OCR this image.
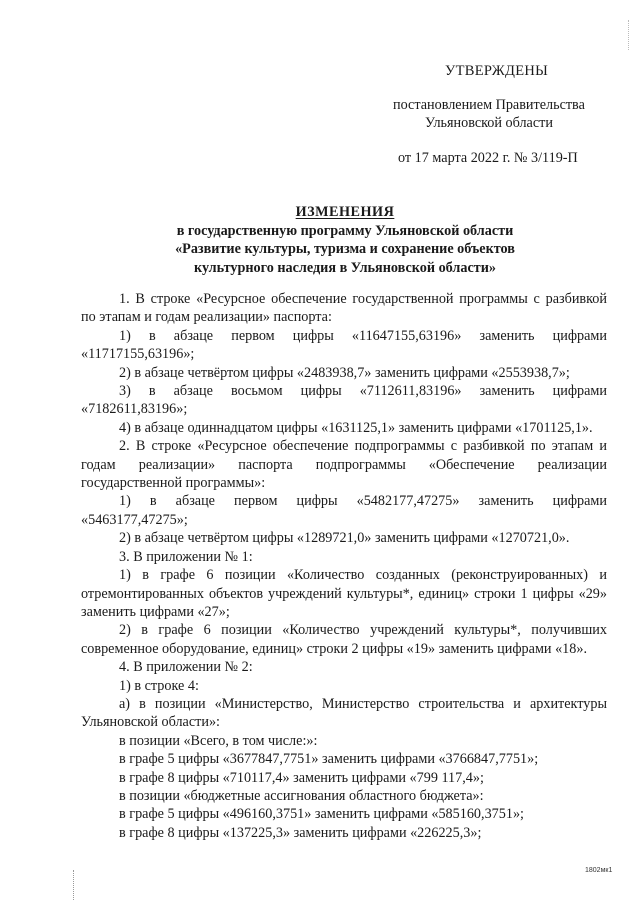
УТВЕРЖДЕНЫ
постановлением Правительства
Ульяновской области
от 17 марта 2022 г. № 3/119-П
ИЗМЕНЕНИЯ
в государственную программу Ульяновской области
«Развитие культуры, туризма и сохранение объектов
культурного наследия в Ульяновской области»

1. В строке «Ресурсное обеспечение государственной программы с разбивкой по этапам и годам реализации» паспорта:

1) в абзаце первом цифры «11647155,63196» заменить цифрами «11717155,63196»;

2) в абзаце четвёртом цифры «2483938,7» заменить цифрами «2553938,7»;

3) в абзаце восьмом цифры «7112611,83196» заменить цифрами «7182611,83196»;

4) в абзаце одиннадцатом цифры «1631125,1» заменить цифрами «1701125,1».

2. В строке «Ресурсное обеспечение подпрограммы с разбивкой по этапам и годам реализации» паспорта подпрограммы «Обеспечение реализации государственной программы»:

1) в абзаце первом цифры «5482177,47275» заменить цифрами «5463177,47275»;

2) в абзаце четвёртом цифры «1289721,0» заменить цифрами «1270721,0».

3. В приложении № 1:

1) в графе 6 позиции «Количество созданных (реконструированных) и отремонтированных объектов учреждений культуры*, единиц» строки 1 цифры «29» заменить цифрами «27»;

2) в графе 6 позиции «Количество учреждений культуры*, получивших современное оборудование, единиц» строки 2 цифры «19» заменить цифрами «18».

4. В приложении № 2:

1) в строке 4:

а) в позиции «Министерство, Министерство строительства и архитектуры Ульяновской области»:

в позиции «Всего, в том числе:»:

в графе 5 цифры «3677847,7751» заменить цифрами «3766847,7751»;

в графе 8 цифры «710117,4» заменить цифрами «799 117,4»;

в позиции «бюджетные ассигнования областного бюджета»:

в графе 5 цифры «496160,3751» заменить цифрами «585160,3751»;

в графе 8 цифры «137225,3» заменить цифрами «226225,3»;

1802мк1
